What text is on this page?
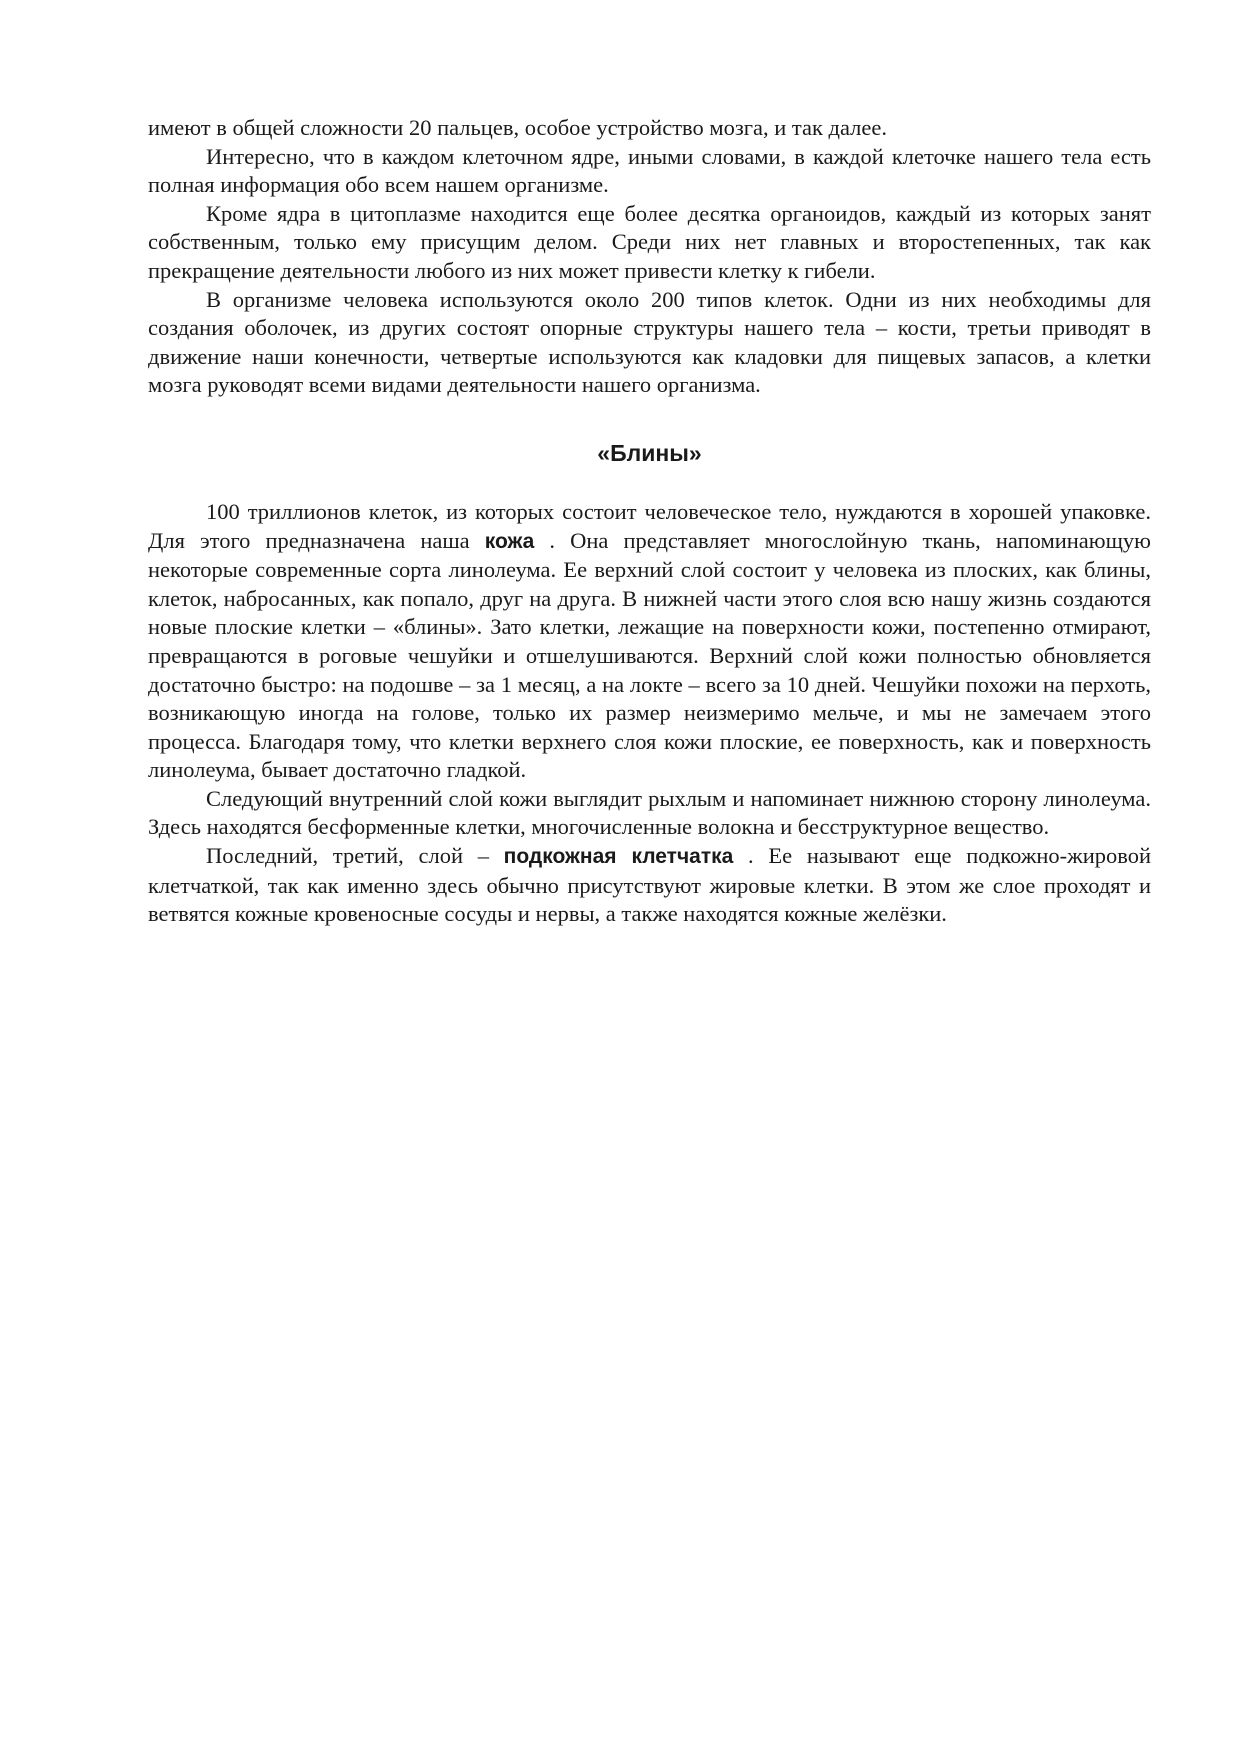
имеют в общей сложности 20 пальцев, особое устройство мозга, и так далее.

Интересно, что в каждом клеточном ядре, иными словами, в каждой клеточке нашего тела есть полная информация обо всем нашем организме.

Кроме ядра в цитоплазме находится еще более десятка органоидов, каждый из которых занят собственным, только ему присущим делом. Среди них нет главных и второстепенных, так как прекращение деятельности любого из них может привести клетку к гибели.

В организме человека используются около 200 типов клеток. Одни из них необходимы для создания оболочек, из других состоят опорные структуры нашего тела – кости, третьи приводят в движение наши конечности, четвертые используются как кладовки для пищевых запасов, а клетки мозга руководят всеми видами деятельности нашего организма.

«Блины»

100 триллионов клеток, из которых состоит человеческое тело, нуждаются в хорошей упаковке. Для этого предназначена наша кожа . Она представляет многослойную ткань, напоминающую некоторые современные сорта линолеума. Ее верхний слой состоит у человека из плоских, как блины, клеток, набросанных, как попало, друг на друга. В нижней части этого слоя всю нашу жизнь создаются новые плоские клетки – «блины». Зато клетки, лежащие на поверхности кожи, постепенно отмирают, превращаются в роговые чешуйки и отшелушиваются. Верхний слой кожи полностью обновляется достаточно быстро: на подошве – за 1 месяц, а на локте – всего за 10 дней. Чешуйки похожи на перхоть, возникающую иногда на голове, только их размер неизмеримо мельче, и мы не замечаем этого процесса. Благодаря тому, что клетки верхнего слоя кожи плоские, ее поверхность, как и поверхность линолеума, бывает достаточно гладкой.

Следующий внутренний слой кожи выглядит рыхлым и напоминает нижнюю сторону линолеума. Здесь находятся бесформенные клетки, многочисленные волокна и бесструктурное вещество.

Последний, третий, слой – подкожная клетчатка . Ее называют еще подкожно-жировой клетчаткой, так как именно здесь обычно присутствуют жировые клетки. В этом же слое проходят и ветвятся кожные кровеносные сосуды и нервы, а также находятся кожные желёзки.
